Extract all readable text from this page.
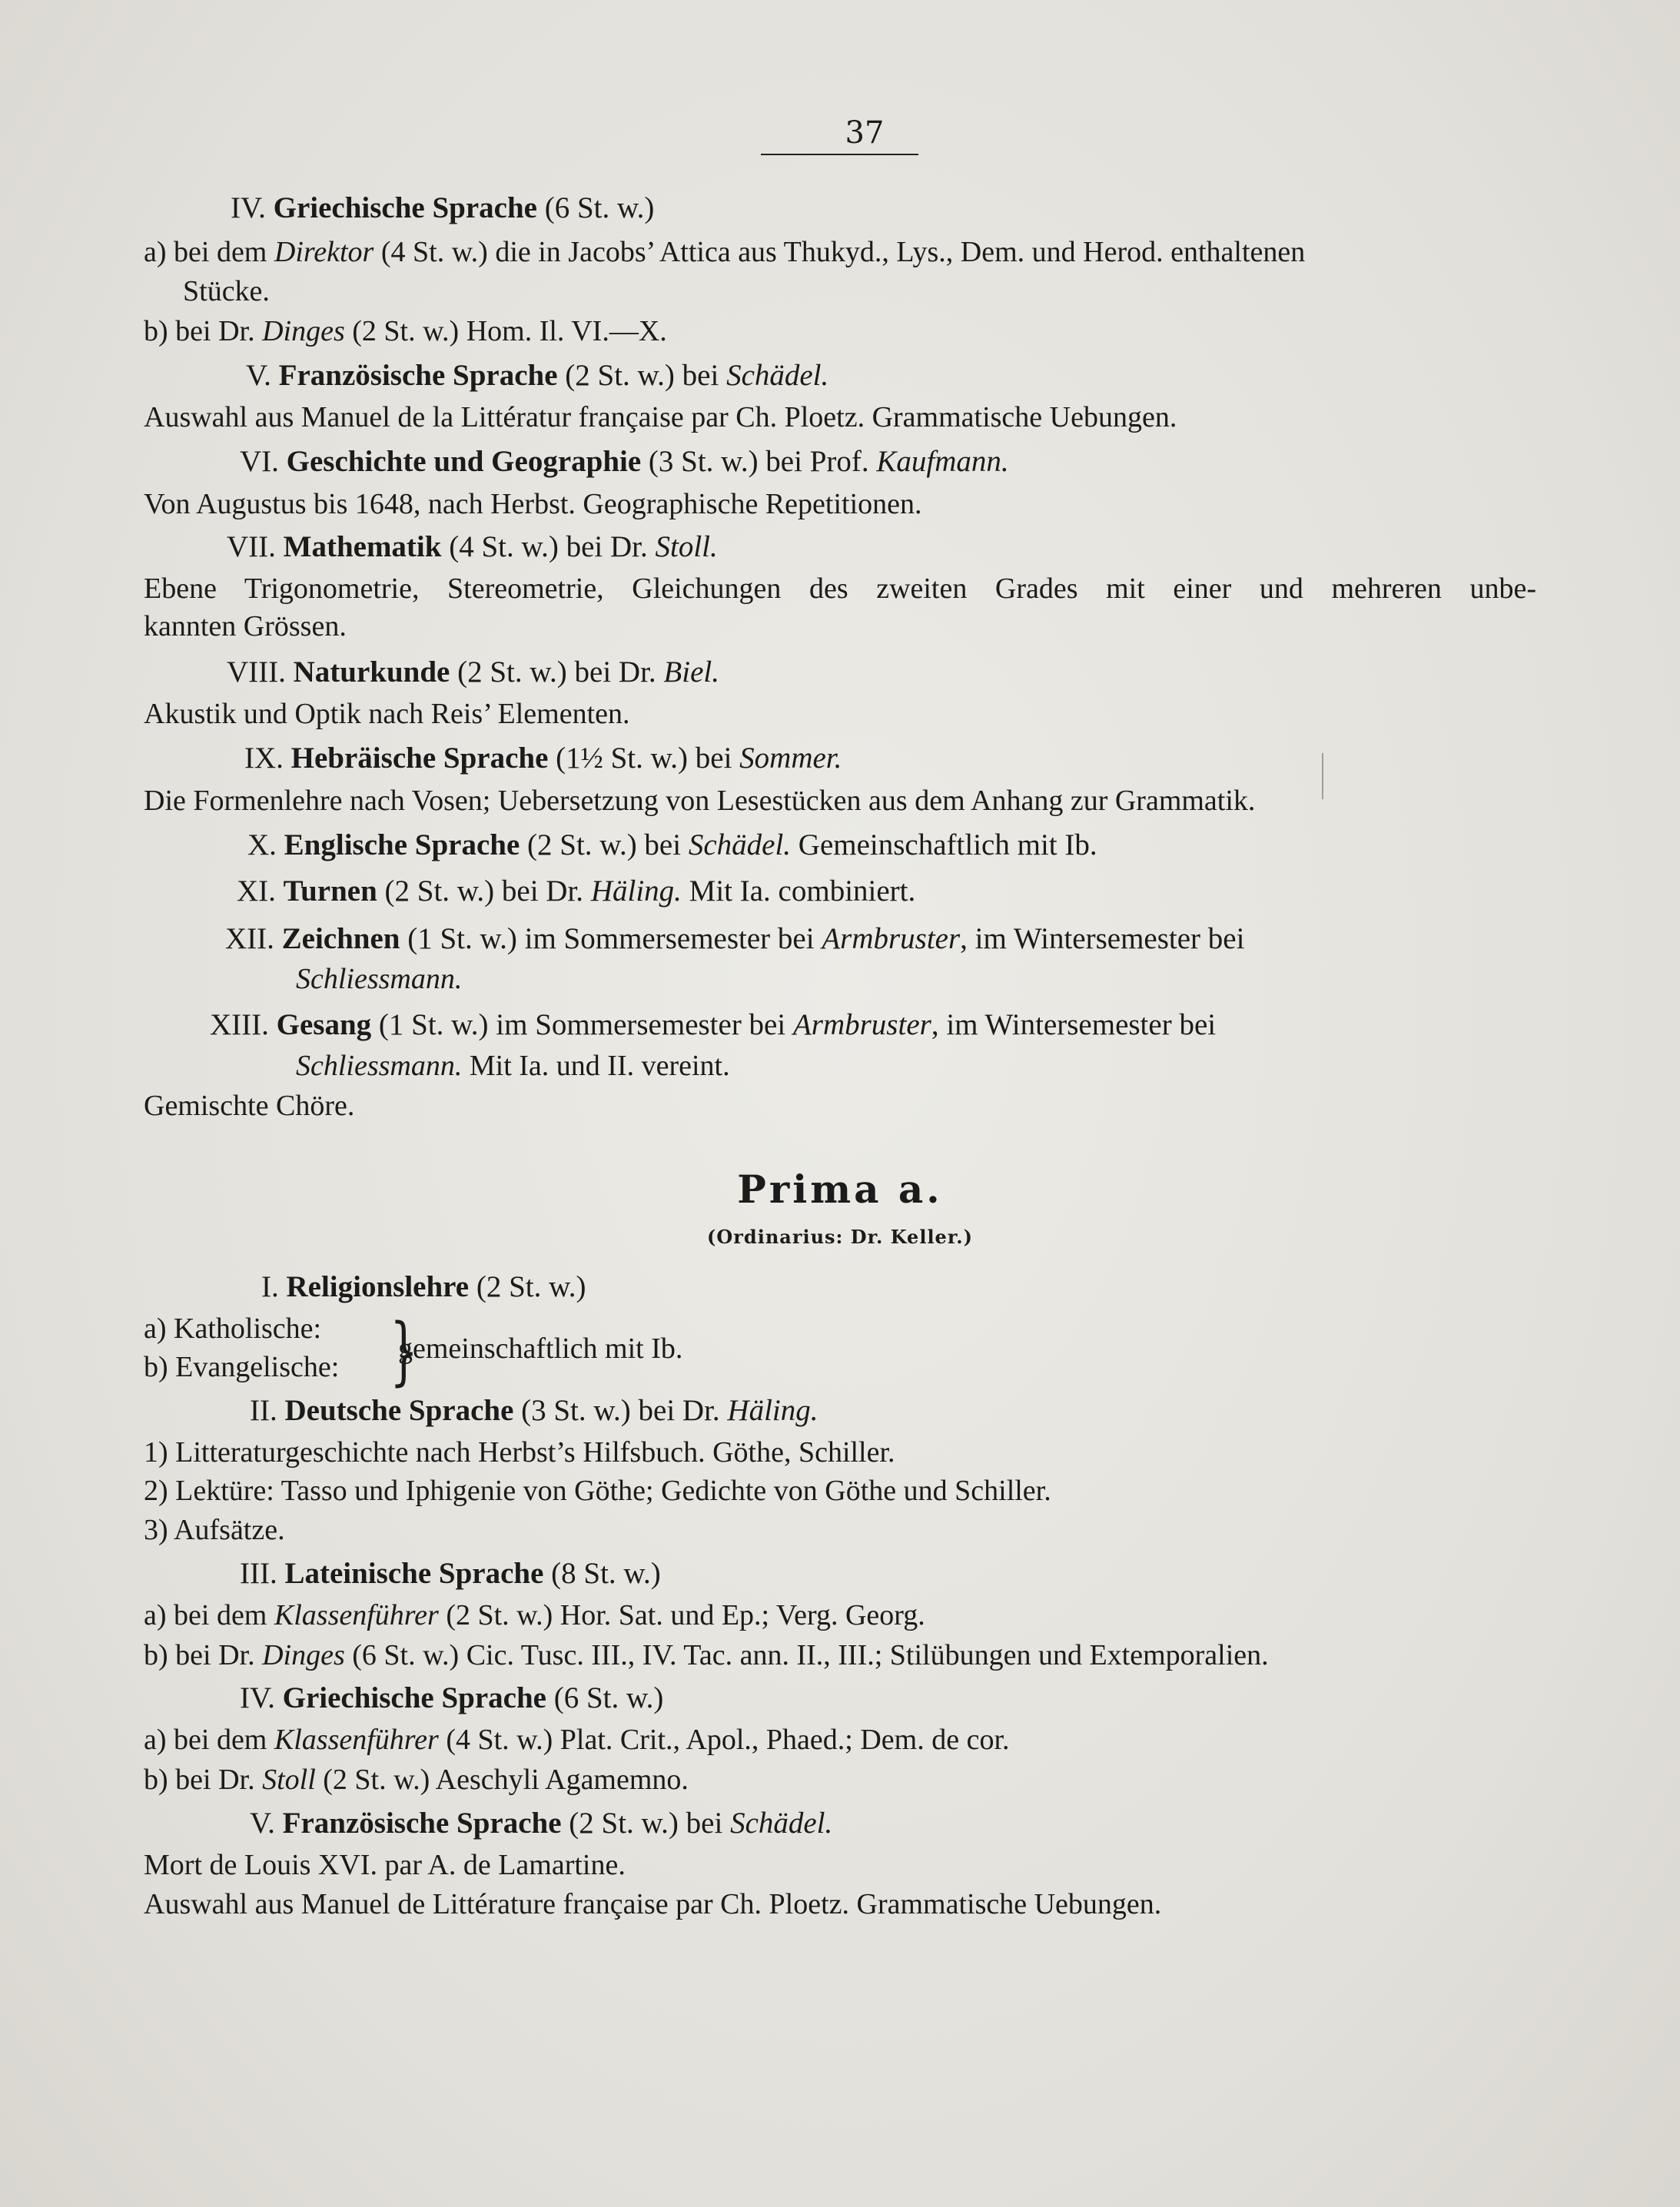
37
IV. Griechische Sprache (6 St. w.)
a) bei dem Direktor (4 St. w.) die in Jacobs’ Attica aus Thukyd., Lys., Dem. und Herod. enthaltenen
Stücke.
b) bei Dr. Dinges (2 St. w.) Hom. Il. VI.—X.
V. Französische Sprache (2 St. w.) bei Schädel.
Auswahl aus Manuel de la Littératur française par Ch. Ploetz. Grammatische Uebungen.
VI. Geschichte und Geographie (3 St. w.) bei Prof. Kaufmann.
Von Augustus bis 1648, nach Herbst. Geographische Repetitionen.
VII. Mathematik (4 St. w.) bei Dr. Stoll.
Ebene Trigonometrie, Stereometrie, Gleichungen des zweiten Grades mit einer und mehreren unbe-
kannten Grössen.
VIII. Naturkunde (2 St. w.) bei Dr. Biel.
Akustik und Optik nach Reis’ Elementen.
IX. Hebräische Sprache (1½ St. w.) bei Sommer.
Die Formenlehre nach Vosen; Uebersetzung von Lesestücken aus dem Anhang zur Grammatik.
X. Englische Sprache (2 St. w.) bei Schädel. Gemeinschaftlich mit Ib.
XI. Turnen (2 St. w.) bei Dr. Häling. Mit Ia. combiniert.
XII. Zeichnen (1 St. w.) im Sommersemester bei Armbruster, im Wintersemester bei
Schliessmann.
XIII. Gesang (1 St. w.) im Sommersemester bei Armbruster, im Wintersemester bei
Schliessmann. Mit Ia. und II. vereint.
Gemischte Chöre.
Prima a.
(Ordinarius: Dr. Keller.)
I. Religionslehre (2 St. w.)
a) Katholische:
b) Evangelische: }
gemeinschaftlich mit Ib.
II. Deutsche Sprache (3 St. w.) bei Dr. Häling.
1) Litteraturgeschichte nach Herbst’s Hilfsbuch. Göthe, Schiller.
2) Lektüre: Tasso und Iphigenie von Göthe; Gedichte von Göthe und Schiller.
3) Aufsätze.
III. Lateinische Sprache (8 St. w.)
a) bei dem Klassenführer (2 St. w.) Hor. Sat. und Ep.; Verg. Georg.
b) bei Dr. Dinges (6 St. w.) Cic. Tusc. III., IV. Tac. ann. II., III.; Stilübungen und Extemporalien.
IV. Griechische Sprache (6 St. w.)
a) bei dem Klassenführer (4 St. w.) Plat. Crit., Apol., Phaed.; Dem. de cor.
b) bei Dr. Stoll (2 St. w.) Aeschyli Agamemno.
V. Französische Sprache (2 St. w.) bei Schädel.
Mort de Louis XVI. par A. de Lamartine.
Auswahl aus Manuel de Littérature française par Ch. Ploetz. Grammatische Uebungen.
